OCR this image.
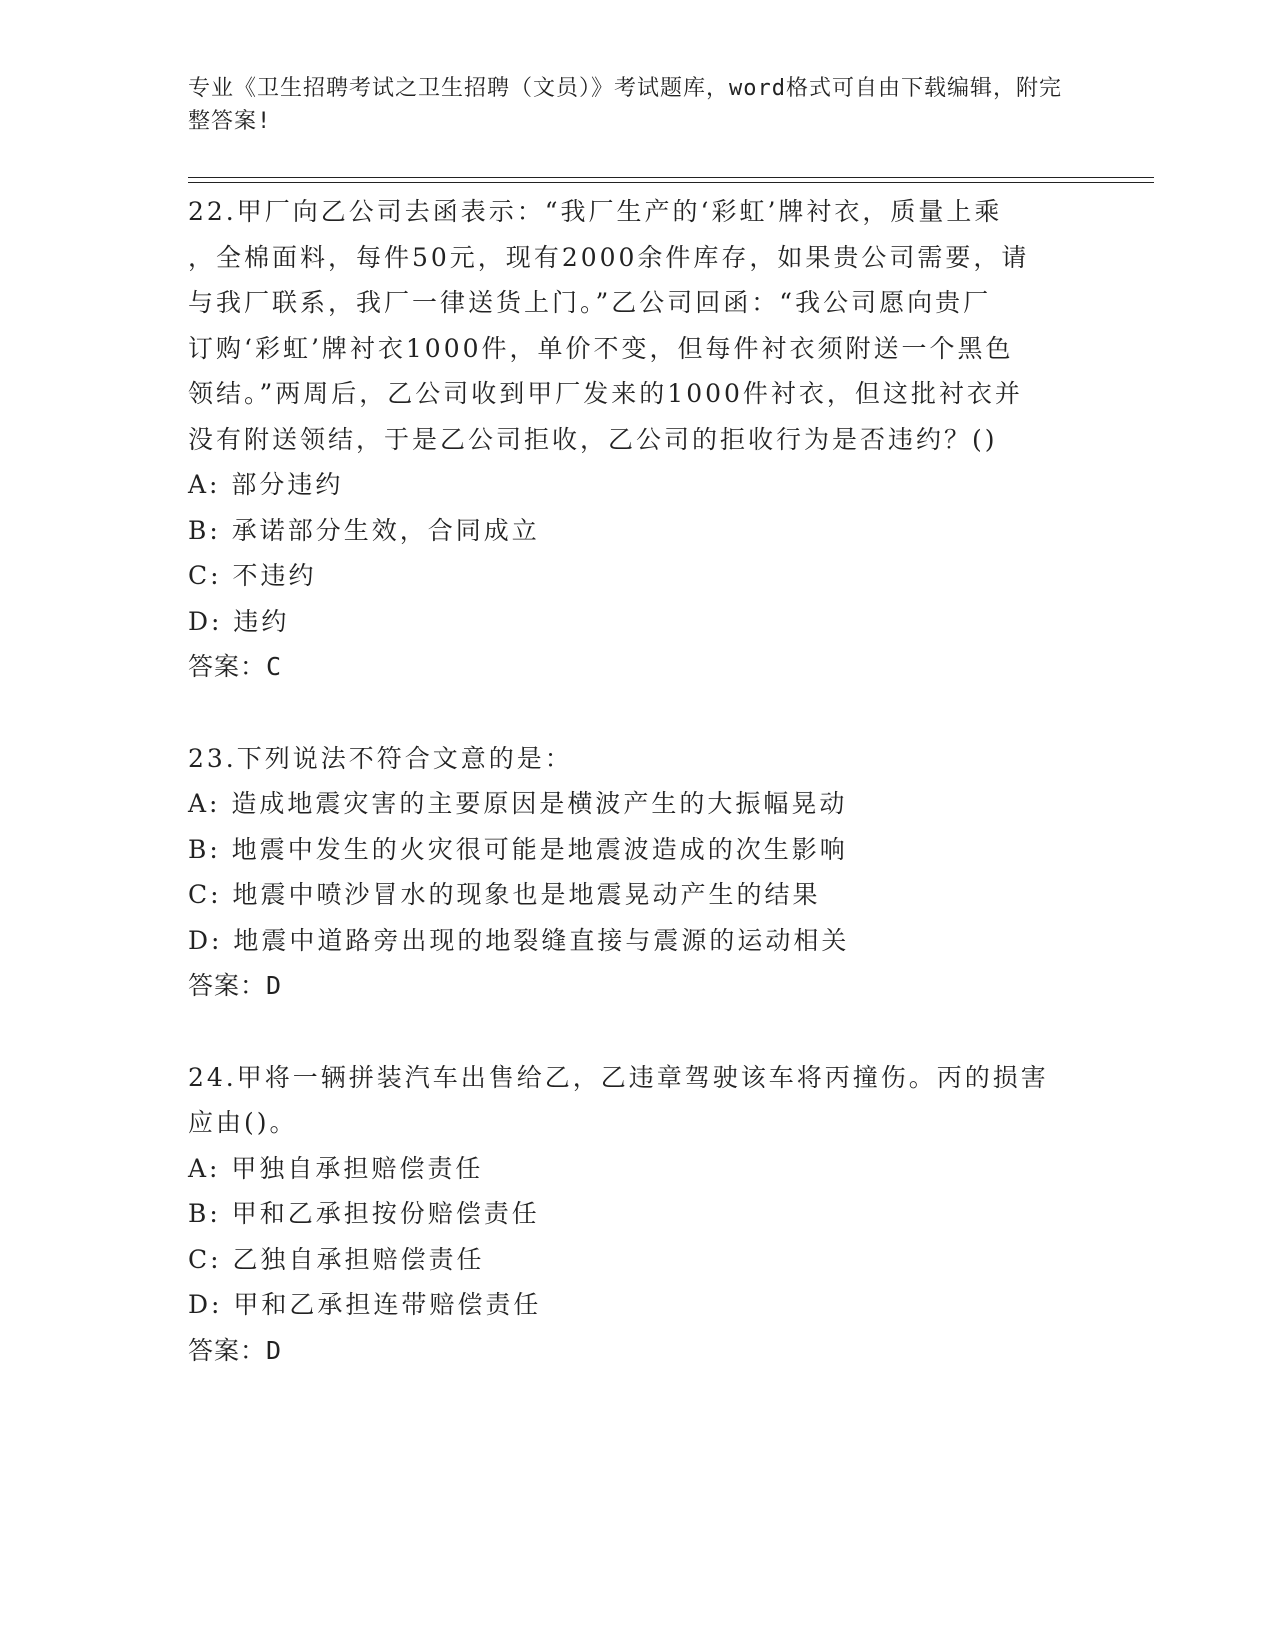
专业《卫生招聘考试之卫生招聘（文员）》考试题库，word格式可自由下载编辑，附完整答案!
22.甲厂向乙公司去函表示：“我厂生产的‘彩虹’牌衬衣，质量上乘
，全棉面料，每件50元，现有2000余件库存，如果贵公司需要，请
与我厂联系，我厂一律送货上门。”乙公司回函：“我公司愿向贵厂
订购‘彩虹’牌衬衣1000件，单价不变，但每件衬衣须附送一个黑色
领结。”两周后，乙公司收到甲厂发来的1000件衬衣，但这批衬衣并
没有附送领结，于是乙公司拒收，乙公司的拒收行为是否违约？()
A: 部分违约
B: 承诺部分生效，合同成立
C: 不违约
D: 违约
答案：C
23.下列说法不符合文意的是：
A: 造成地震灾害的主要原因是横波产生的大振幅晃动
B: 地震中发生的火灾很可能是地震波造成的次生影响
C: 地震中喷沙冒水的现象也是地震晃动产生的结果
D: 地震中道路旁出现的地裂缝直接与震源的运动相关
答案：D
24.甲将一辆拼装汽车出售给乙，乙违章驾驶该车将丙撞伤。丙的损害
应由()。
A: 甲独自承担赔偿责任
B: 甲和乙承担按份赔偿责任
C: 乙独自承担赔偿责任
D: 甲和乙承担连带赔偿责任
答案：D
